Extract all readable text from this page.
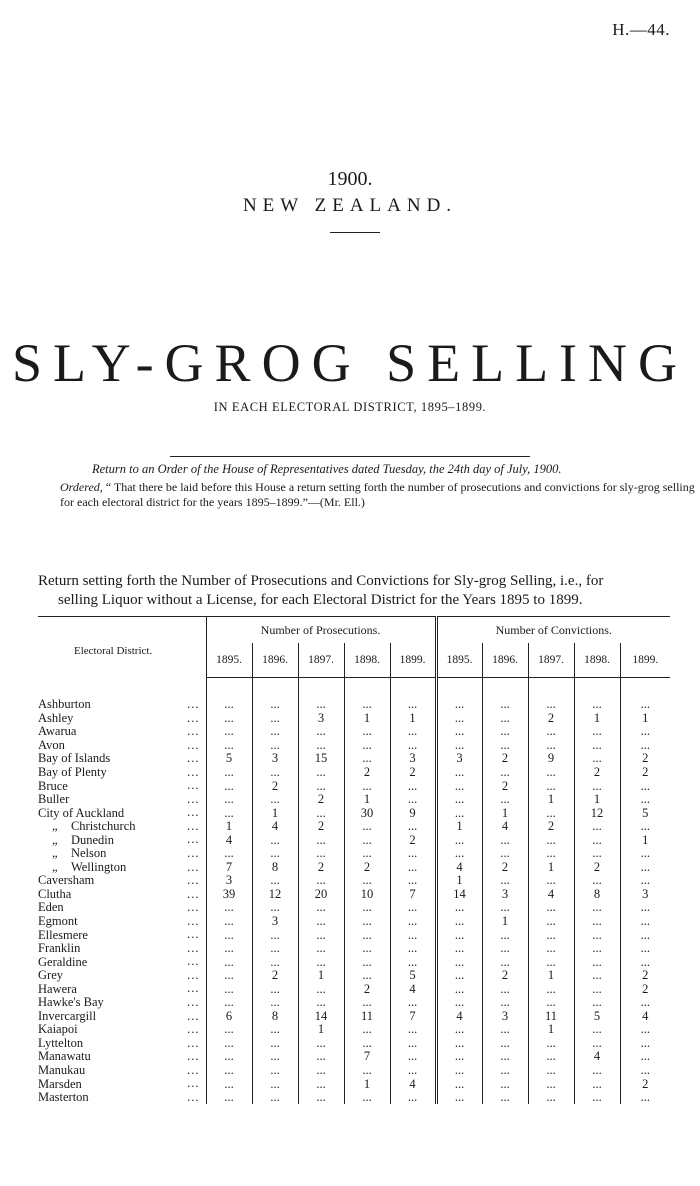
H.—44.
1900.
NEW ZEALAND.
SLY-GROG SELLING
IN EACH ELECTORAL DISTRICT, 1895–1899.
Return to an Order of the House of Representatives dated Tuesday, the 24th day of July, 1900.
Ordered, “ That there be laid before this House a return setting forth the number of prosecutions and convictions for sly-grog selling for each electoral district for the years 1895–1899.”—(Mr. Ell.)
Return setting forth the Number of Prosecutions and Convictions for Sly-grog Selling, i.e., for
selling Liquor without a License, for each Electoral District for the Years 1895 to 1899.
Electoral District.	Number of Prosecutions.					Number of Convictions.				
	1895.	1896.	1897.	1898.	1899.	1895.	1896.	1897.	1898.	1899.

Ashburton ...	...	...	...	...	...	...	...	...	...	...
Ashley ...	...	...	3	1	1	...	...	2	1	1
Awarua ...	...	...	...	...	...	...	...	...	...	...
Avon ...	...	...	...	...	...	...	...	...	...	...
Bay of Islands ...	5	3	15	...	3	3	2	9	...	2
Bay of Plenty ...	...	...	...	2	2	...	...	...	2	2
Bruce ...	...	2	...	...	...	...	2	...	...	...
Buller ...	...	...	2	1	...	...	...	1	1	...
City of Auckland ...	...	1	...	30	9	...	1	...	12	5
„ Christchurch ...	1	4	2	...	...	1	4	2	...	...
„ Dunedin ...	4	...	...	...	2	...	...	...	...	1
„ Nelson ...	...	...	...	...	...	...	...	...	...	...
„ Wellington ...	7	8	2	2	...	4	2	1	2	...
Caversham ...	3	...	...	...	...	1	...	...	...	...
Clutha ...	39	12	20	10	7	14	3	4	8	3
Eden ...	...	...	...	...	...	...	...	...	...	...
Egmont ...	...	3	...	...	...	...	1	...	...	...
Ellesmere ...	...	...	...	...	...	...	...	...	...	...
Franklin ...	...	...	...	...	...	...	...	...	...	...
Geraldine ...	...	...	...	...	...	...	...	...	...	...
Grey ...	...	2	1	...	5	...	2	1	...	2
Hawera ...	...	...	...	2	4	...	...	...	...	2
Hawke's Bay ...	...	...	...	...	...	...	...	...	...	...
Invercargill ...	6	8	14	11	7	4	3	11	5	4
Kaiapoi ...	...	...	1	...	...	...	...	1	...	...
Lyttelton ...	...	...	...	...	...	...	...	...	...	...
Manawatu ...	...	...	...	7	...	...	...	...	4	...
Manukau ...	...	...	...	...	...	...	...	...	...	...
Marsden ...	...	...	...	1	4	...	...	...	...	2
Masterton ...	...	...	...	...	...	...	...	...	...	...
